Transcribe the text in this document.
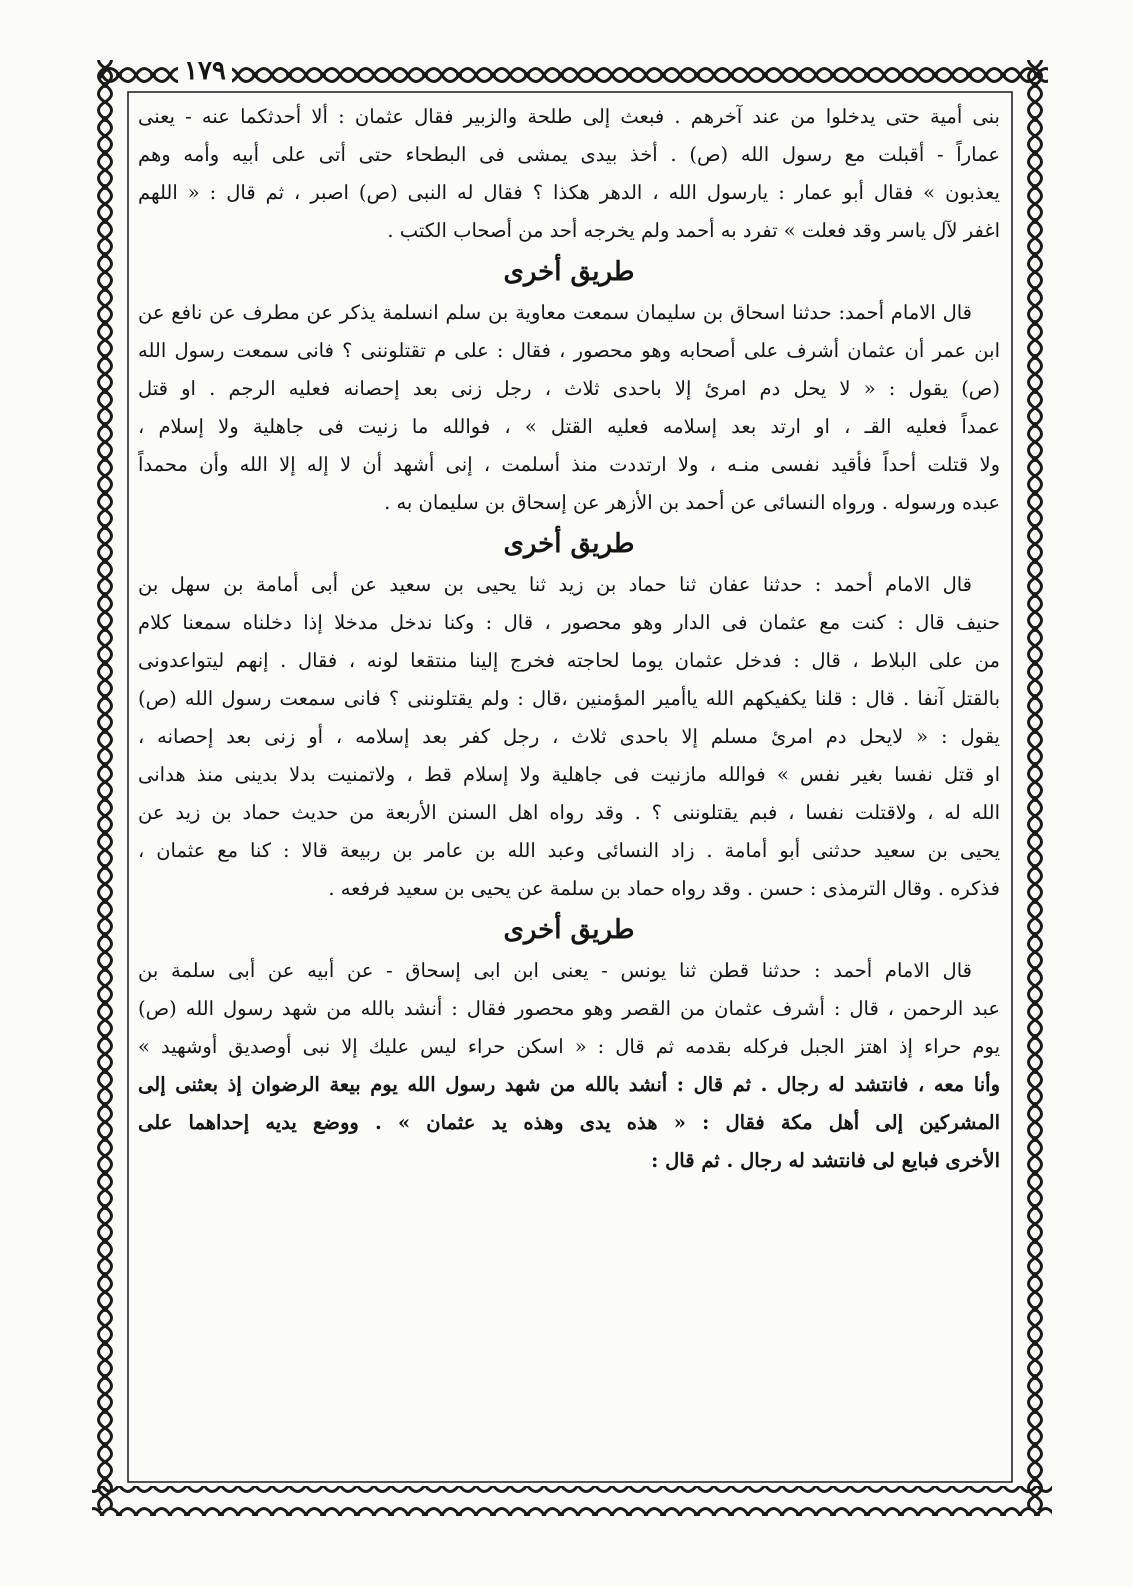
١٧٩
بنى أمية حتى يدخلوا من عند آخرهم . فبعث إلى طلحة والزبير فقال عثمان : ألا أحدثكما عنه - يعنى
عماراً - أقبلت مع رسول الله (ص) . أخذ بيدى يمشى فى البطحاء حتى أتى على أبيه وأمه وهم
يعذبون » فقال أبو عمار : يارسول الله ، الدهر هكذا ؟ فقال له النبى (ص) اصبر ، ثم قال : « اللهم
اغفر لآل ياسر وقد فعلت » تفرد به أحمد ولم يخرجه أحد من أصحاب الكتب .
طريق أخرى
قال الامام أحمد: حدثنا اسحاق بن سليمان سمعت معاوية بن سلم انسلمة يذكر عن مطرف عن نافع عن
ابن عمر أن عثمان أشرف على أصحابه وهو محصور ، فقال : على م تقتلوننى ؟ فانى سمعت رسول الله
(ص) يقول : « لا يحل دم امرئ إلا باحدى ثلاث ، رجل زنى بعد إحصانه فعليه الرجم . او قتل
عمداً فعليه القـ ، او ارتد بعد إسلامه فعليه القتل » ، فوالله ما زنيت فى جاهلية ولا إسلام ،
ولا قتلت أحداً فأقيد نفسى منـه ، ولا ارتددت منذ أسلمت ، إنى أشهد أن لا إله إلا الله وأن محمداً
عبده ورسوله . ورواه النسائى عن أحمد بن الأزهر عن إسحاق بن سليمان به .
طريق أخرى
قال الامام أحمد : حدثنا عفان ثنا حماد بن زيد ثنا يحيى بن سعيد عن أبى أمامة بن سهل بن
حنيف قال : كنت مع عثمان فى الدار وهو محصور ، قال : وكنا ندخل مدخلا إذا دخلناه سمعنا كلام
من على البلاط ، قال : فدخل عثمان يوما لحاجته فخرج إلينا منتقعا لونه ، فقال . إنهم ليتواعدونى
بالقتل آنفا . قال : قلنا يكفيكهم الله ياأمير المؤمنين ،قال : ولم يقتلوننى ؟ فانى سمعت رسول الله (ص)
يقول : « لايحل دم امرئ مسلم إلا باحدى ثلاث ، رجل كفر بعد إسلامه ، أو زنى بعد إحصانه ،
او قتل نفسا بغير نفس » فوالله مازنيت فى جاهلية ولا إسلام قط ، ولاتمنيت بدلا بدينى منذ هدانى
الله له ، ولاقتلت نفسا ، فبم يقتلوننى ؟ . وقد رواه اهل السنن الأربعة من حديث حماد بن زيد عن
يحيى بن سعيد حدثنى أبو أمامة . زاد النسائى وعبد الله بن عامر بن ربيعة قالا : كنا مع عثمان ،
فذكره . وقال الترمذى : حسن . وقد رواه حماد بن سلمة عن يحيى بن سعيد فرفعه .
طريق أخرى
قال الامام أحمد : حدثنا قطن ثنا يونس - يعنى ابن ابى إسحاق - عن أبيه عن أبى سلمة بن
عبد الرحمن ، قال : أشرف عثمان من القصر وهو محصور فقال : أنشد بالله من شهد رسول الله (ص)
يوم حراء إذ اهتز الجبل فركله بقدمه ثم قال : « اسكن حراء ليس عليك إلا نبى أوصديق أوشهيد »
وأنا معه ، فانتشد له رجال . ثم قال : أنشد بالله من شهد رسول الله يوم بيعة الرضوان إذ بعثنى إلى
المشركين إلى أهل مكة فقال : « هذه يدى وهذه يد عثمان » . ووضع يديه إحداهما على
الأخرى فبايع لى فانتشد له رجال . ثم قال :
